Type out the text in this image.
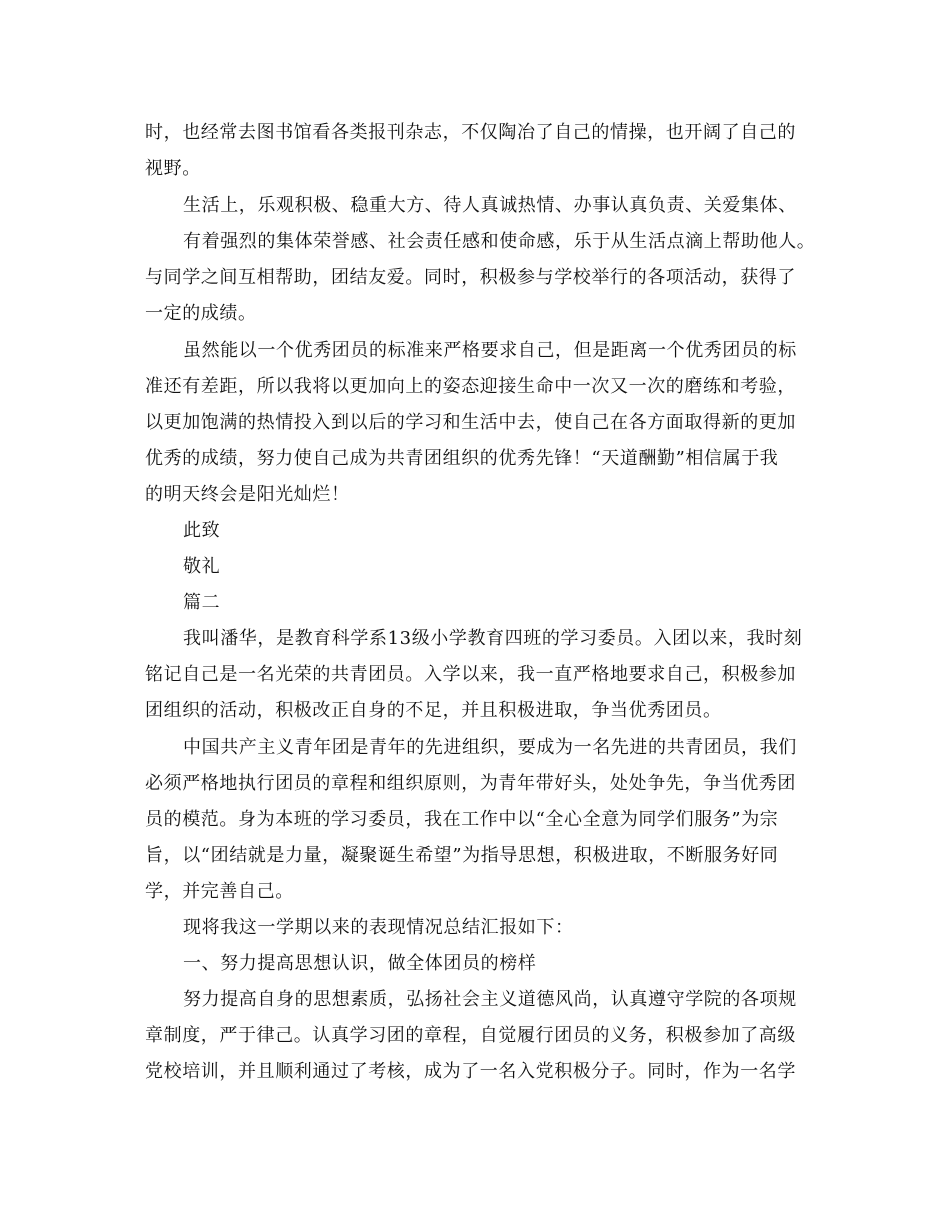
时，也经常去图书馆看各类报刊杂志，不仅陶冶了自己的情操，也开阔了自己的
视野。
生活上，乐观积极、稳重大方、待人真诚热情、办事认真负责、关爱集体、
有着强烈的集体荣誉感、社会责任感和使命感，乐于从生活点滴上帮助他人。
与同学之间互相帮助，团结友爱。同时，积极参与学校举行的各项活动，获得了
一定的成绩。
虽然能以一个优秀团员的标准来严格要求自己，但是距离一个优秀团员的标
准还有差距，所以我将以更加向上的姿态迎接生命中一次又一次的磨练和考验，
以更加饱满的热情投入到以后的学习和生活中去，使自己在各方面取得新的更加
优秀的成绩，努力使自己成为共青团组织的优秀先锋！“天道酬勤”相信属于我
的明天终会是阳光灿烂！
此致
敬礼
篇二
我叫潘华，是教育科学系13级小学教育四班的学习委员。入团以来，我时刻
铭记自己是一名光荣的共青团员。入学以来，我一直严格地要求自己，积极参加
团组织的活动，积极改正自身的不足，并且积极进取，争当优秀团员。
中国共产主义青年团是青年的先进组织，要成为一名先进的共青团员，我们
必须严格地执行团员的章程和组织原则，为青年带好头，处处争先，争当优秀团
员的模范。身为本班的学习委员，我在工作中以“全心全意为同学们服务”为宗
旨，以“团结就是力量，凝聚诞生希望”为指导思想，积极进取，不断服务好同
学，并完善自己。
现将我这一学期以来的表现情况总结汇报如下：
一、努力提高思想认识，做全体团员的榜样
努力提高自身的思想素质，弘扬社会主义道德风尚，认真遵守学院的各项规
章制度，严于律己。认真学习团的章程，自觉履行团员的义务，积极参加了高级
党校培训，并且顺利通过了考核，成为了一名入党积极分子。同时，作为一名学
